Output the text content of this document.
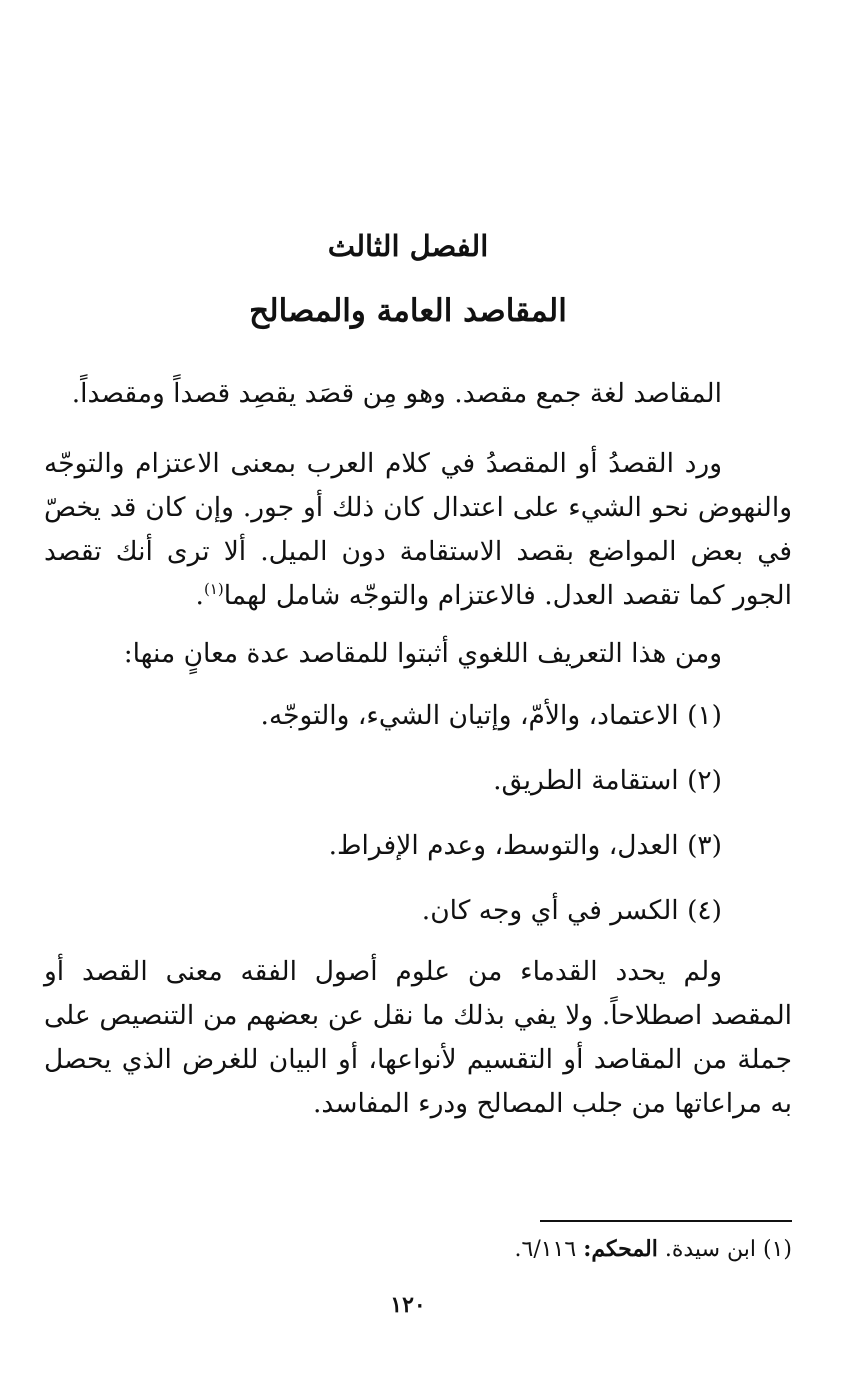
الفصل الثالث
المقاصد العامة والمصالح

المقاصد لغة جمع مقصد. وهو مِن قصَد يقصِد قصداً ومقصداً.

ورد القصدُ أو المقصدُ في كلام العرب بمعنى الاعتزام والتوجّه والنهوض نحو الشيء على اعتدال كان ذلك أو جور. وإن كان قد يخصّ في بعض المواضع بقصد الاستقامة دون الميل. ألا ترى أنك تقصد الجور كما تقصد العدل. فالاعتزام والتوجّه شامل لهما$^{(١)}$.

ومن هذا التعريف اللغوي أثبتوا للمقاصد عدة معانٍ منها:

(١) الاعتماد، والأمّ، وإتيان الشيء، والتوجّه.
(٢) استقامة الطريق.
(٣) العدل، والتوسط، وعدم الإفراط.
(٤) الكسر في أي وجه كان.

ولم يحدد القدماء من علوم أصول الفقه معنى القصد أو المقصد اصطلاحاً. ولا يفي بذلك ما نقل عن بعضهم من التنصيص على جملة من المقاصد أو التقسيم لأنواعها، أو البيان للغرض الذي يحصل به مراعاتها من جلب المصالح ودرء المفاسد.

(١) ابن سيدة. المحكم: ٦/١١٦.
١٢٠
